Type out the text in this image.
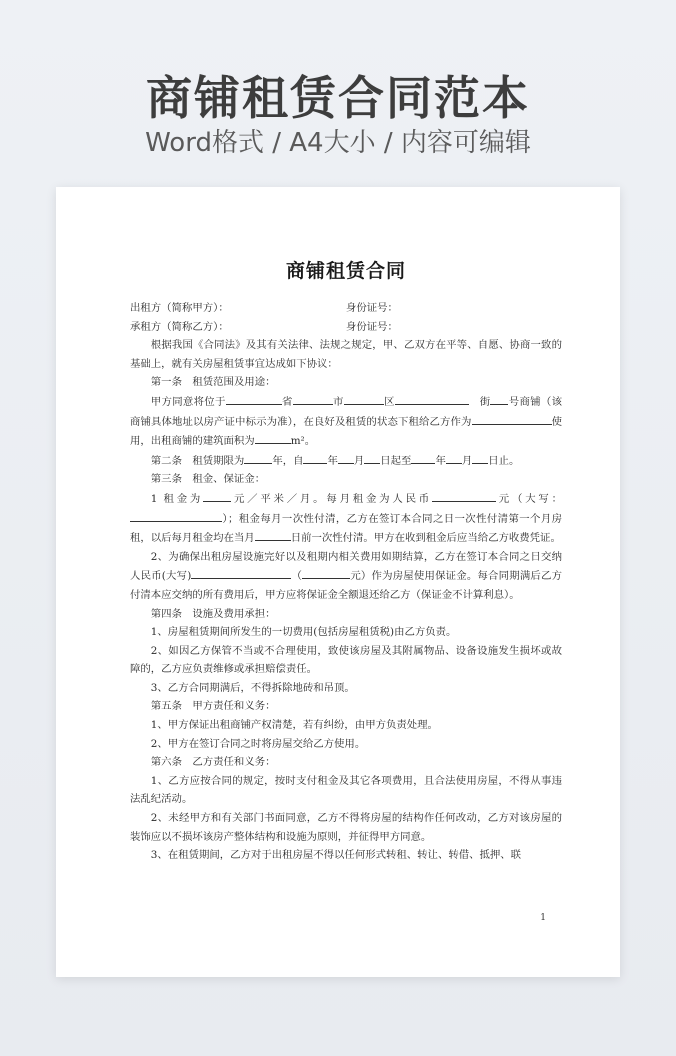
商铺租赁合同范本
Word格式 / A4大小 / 内容可编辑
商铺租赁合同
出租方（简称甲方）：	身份证号：
承租方（简称乙方）：	身份证号：

根据我国《合同法》及其有关法律、法规之规定，甲、乙双方在平等、自愿、协商一致的基础上，就有关房屋租赁事宜达成如下协议：

第一条　租赁范围及用途：

甲方同意将位于	省	市	区　	街 号商铺（该商铺具体地址以房产证中标示为准），在良好及租赁的状态下租给乙方作为	使用，出租商铺的建筑面积为	m²。

第二条　租赁期限为	年，自 年 月 日起至 年 月 日止。

第三条　租金、保证金：

1 租金为	元／平米／月。每月租金为人民币	元（大写：）；租金每月一次性付清，乙方在签订本合同之日一次性付清第一个月房租，以后每月租金均在当月	日前一次性付清。甲方在收到租金后应当给乙方收费凭证。

2、为确保出租房屋设施完好以及租期内相关费用如期结算，乙方在签订本合同之日交纳人民币(大写)	（	元）作为房屋使用保证金。每合同期满后乙方付清本应交纳的所有费用后，甲方应将保证金全额退还给乙方（保证金不计算利息）。

第四条　设施及费用承担：

1、房屋租赁期间所发生的一切费用(包括房屋租赁税)由乙方负责。

2、如因乙方保管不当或不合理使用，致使该房屋及其附属物品、设备设施发生损坏或故障的，乙方应负责维修或承担赔偿责任。

3、乙方合同期满后，不得拆除地砖和吊顶。

第五条　甲方责任和义务：

1、甲方保证出租商铺产权清楚，若有纠纷，由甲方负责处理。

2、甲方在签订合同之时将房屋交给乙方使用。

第六条　乙方责任和义务：

1、乙方应按合同的规定，按时支付租金及其它各项费用，且合法使用房屋，不得从事违法乱纪活动。

2、未经甲方和有关部门书面同意，乙方不得将房屋的结构作任何改动，乙方对该房屋的装饰应以不损坏该房产整体结构和设施为原则，并征得甲方同意。

3、在租赁期间，乙方对于出租房屋不得以任何形式转租、转让、转借、抵押、联

1
